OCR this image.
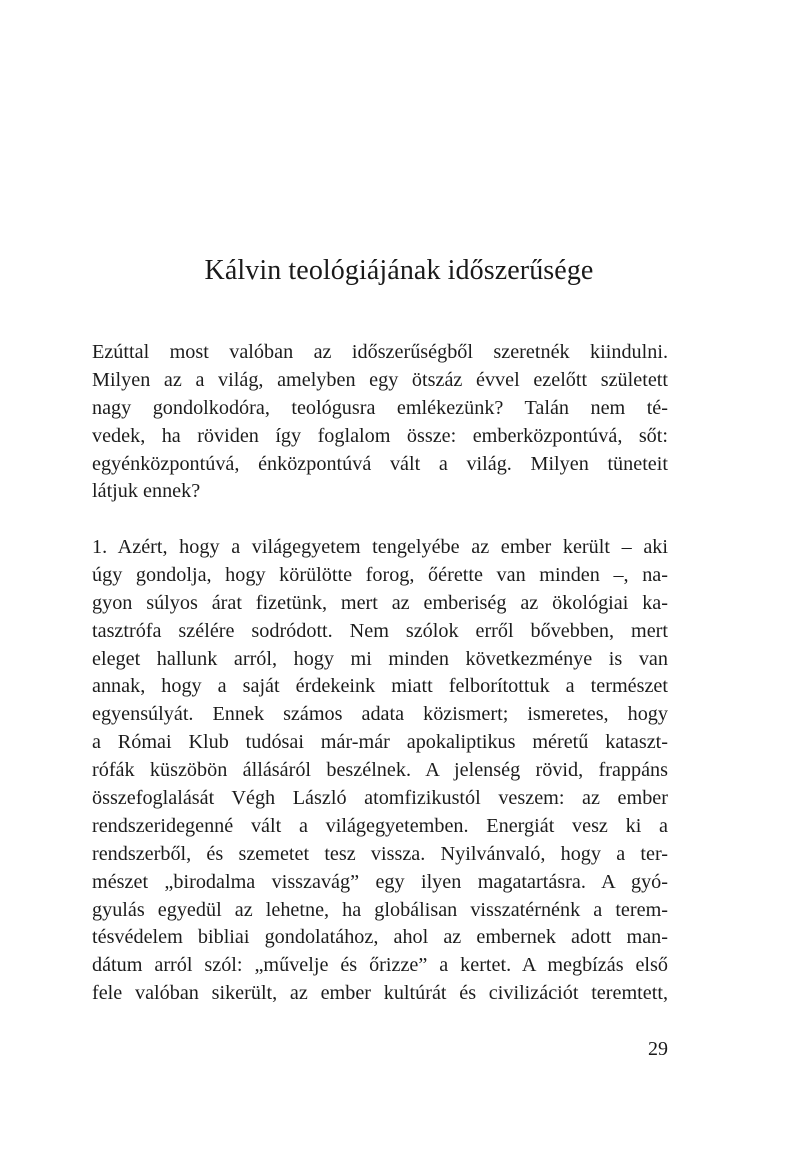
Kálvin teológiájának időszerűsége
Ezúttal most valóban az időszerűségből szeretnék kiindulni.
Milyen az a világ, amelyben egy ötszáz évvel ezelőtt született
nagy gondolkodóra, teológusra emlékezünk? Talán nem té-
vedek, ha röviden így foglalom össze: emberközpontúvá, sőt:
egyénközpontúvá, énközpontúvá vált a világ. Milyen tüneteit
látjuk ennek?
1. Azért, hogy a világegyetem tengelyébe az ember került – aki
úgy gondolja, hogy körülötte forog, őérette van minden –, na-
gyon súlyos árat fizetünk, mert az emberiség az ökológiai ka-
tasztrófa szélére sodródott. Nem szólok erről bővebben, mert
eleget hallunk arról, hogy mi minden következménye is van
annak, hogy a saját érdekeink miatt felborítottuk a természet
egyensúlyát. Ennek számos adata közismert; ismeretes, hogy
a Római Klub tudósai már-már apokaliptikus méretű kataszt-
rófák küszöbön állásáról beszélnek. A jelenség rövid, frappáns
összefoglalását Végh László atomfizikustól veszem: az ember
rendszeridegenné vált a világegyetemben. Energiát vesz ki a
rendszerből, és szemetet tesz vissza. Nyilvánvaló, hogy a ter-
mészet „birodalma visszavág” egy ilyen magatartásra. A gyó-
gyulás egyedül az lehetne, ha globálisan visszatérnénk a terem-
tésvédelem bibliai gondolatához, ahol az embernek adott man-
dátum arról szól: „művelje és őrizze” a kertet. A megbízás első
fele valóban sikerült, az ember kultúrát és civilizációt teremtett,
29
